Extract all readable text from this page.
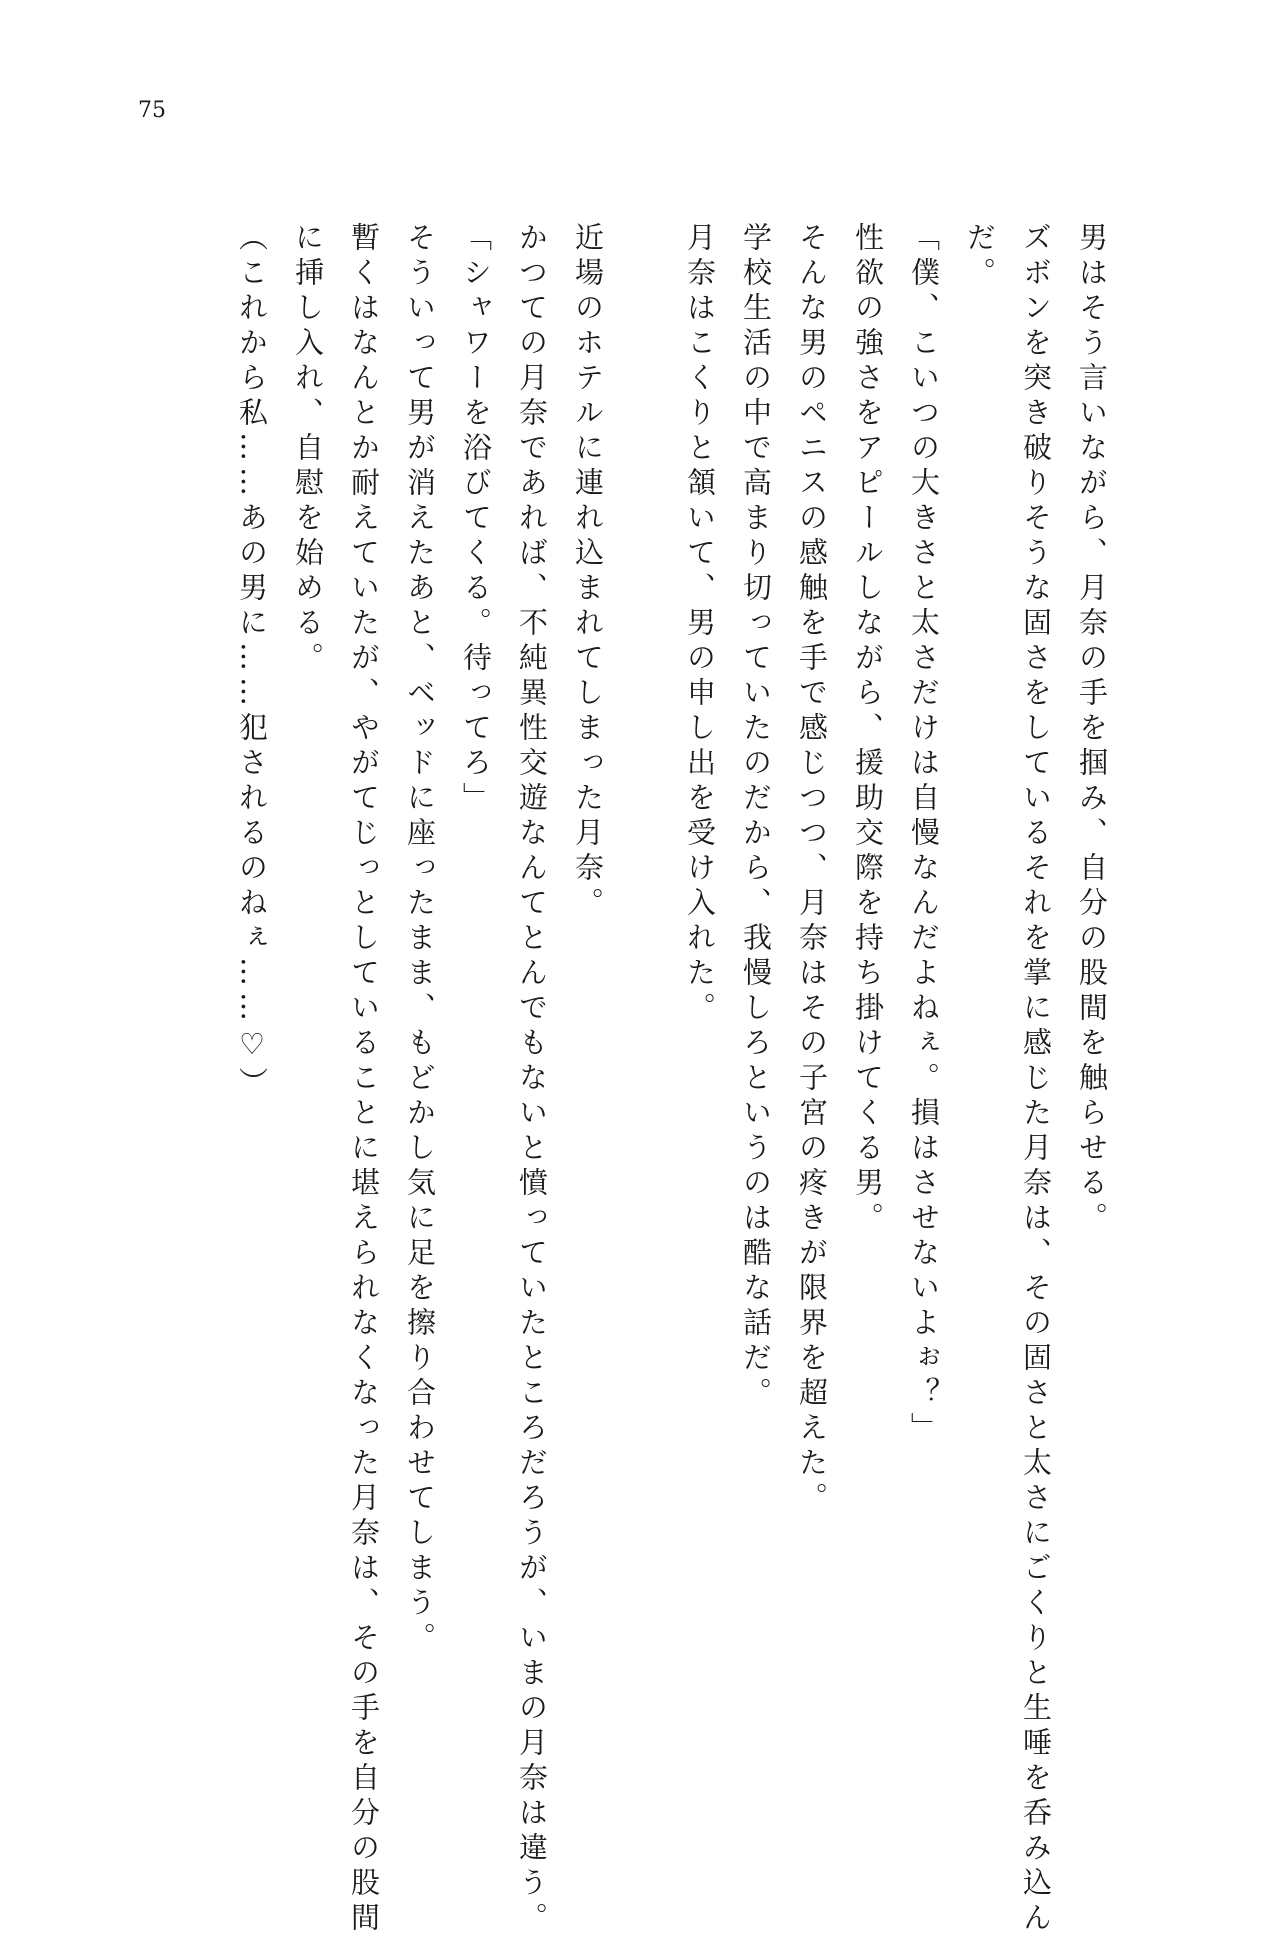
75
男はそう言いながら、月奈の手を掴み、自分の股間を触らせる。
ズボンを突き破りそうな固さをしているそれを掌に感じた月奈は、その固さと太さにごくりと生唾を呑み込ん
だ。
「僕、こいつの大きさと太さだけは自慢なんだよねぇ。損はさせないよぉ？」
性欲の強さをアピールしながら、援助交際を持ち掛けてくる男。
そんな男のペニスの感触を手で感じつつ、月奈はその子宮の疼きが限界を超えた。
学校生活の中で高まり切っていたのだから、我慢しろというのは酷な話だ。
月奈はこくりと頷いて、男の申し出を受け入れた。
近場のホテルに連れ込まれてしまった月奈。
かつての月奈であれば、不純異性交遊なんてとんでもないと憤っていたところだろうが、いまの月奈は違う。
「シャワーを浴びてくる。待ってろ」
そういって男が消えたあと、ベッドに座ったまま、もどかし気に足を擦り合わせてしまう。
暫くはなんとか耐えていたが、やがてじっとしていることに堪えられなくなった月奈は、その手を自分の股間
に挿し入れ、自慰を始める。
（これから私……あの男に……犯されるのねぇ……♡）
